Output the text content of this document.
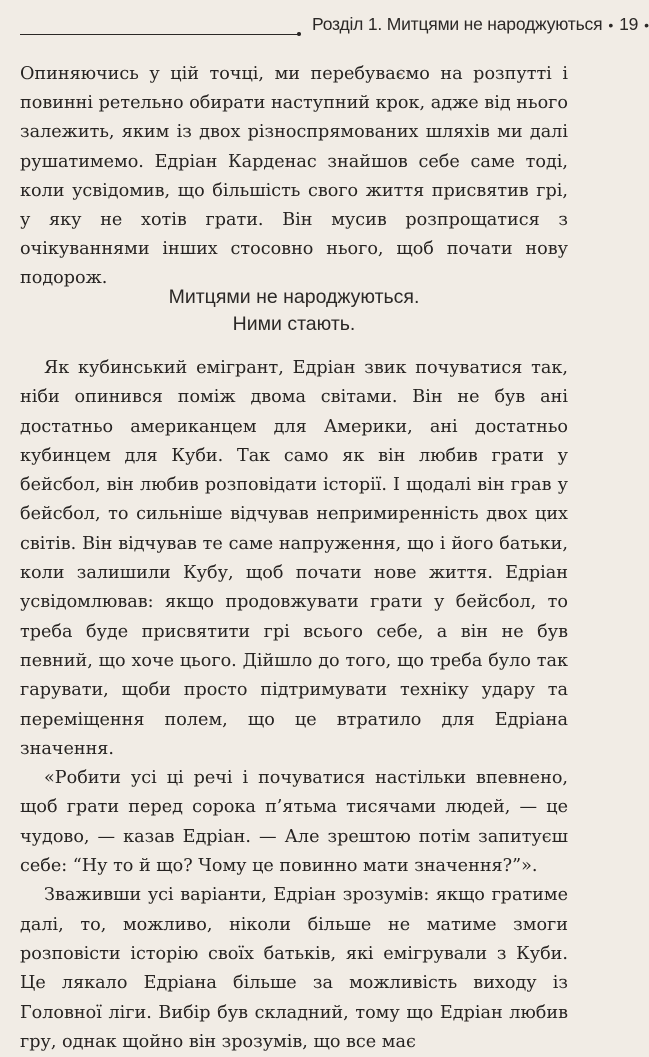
Розділ 1. Митцями не народжуються • 19 •

Опиняючись у цій точці, ми перебуваємо на розпутті і повинні ретельно обирати наступний крок, адже від нього залежить, яким із двох різноспрямованих шляхів ми далі рушатимемо. Едріан Карденас знайшов себе саме тоді, коли усвідомив, що більшість свого життя присвятив грі, у яку не хотів грати. Він мусив розпрощатися з очікуваннями інших стосовно нього, щоб почати нову подорож.

Митцями не народжуються.
Ними стають.

Як кубинський емігрант, Едріан звик почуватися так, ніби опинився поміж двома світами. Він не був ані достатньо американцем для Америки, ані достатньо кубинцем для Куби. Так само як він любив грати у бейсбол, він любив розповідати історії. І щодалі він грав у бейсбол, то сильніше відчував непримиренність двох цих світів. Він відчував те саме напруження, що і його батьки, коли залишили Кубу, щоб почати нове життя. Едріан усвідомлював: якщо продовжувати грати у бейсбол, то треба буде присвятити грі всього себе, а він не був певний, що хоче цього. Дійшло до того, що треба було так гарувати, щоби просто підтримувати техніку удару та переміщення полем, що це втратило для Едріана значення.

«Робити усі ці речі і почуватися настільки впевнено, щоб грати перед сорока п’ятьма тисячами людей, — це чудово, — казав Едріан. — Але зрештою потім запитуєш себе: “Ну то й що? Чому це повинно мати значення?”».

Зваживши усі варіанти, Едріан зрозумів: якщо гратиме далі, то, можливо, ніколи більше не матиме змоги розповісти історію своїх батьків, які емігрували з Куби. Це лякало Едріана більше за можливість виходу із Головної ліги. Вибір був складний, тому що Едріан любив гру, однак щойно він зрозумів, що все має
